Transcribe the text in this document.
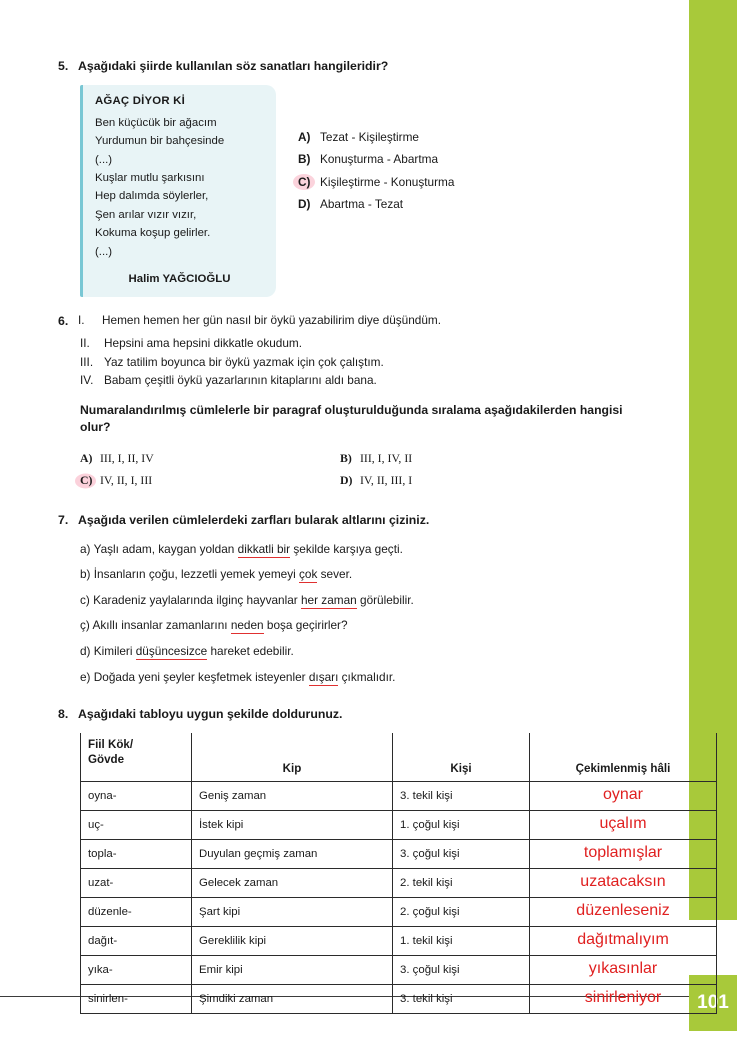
101
5. Aşağıdaki şiirde kullanılan söz sanatları hangileridir?
AĞAÇ DİYOR Kİ
Ben küçücük bir ağacım
Yurdumun bir bahçesinde
(...)
Kuşlar mutlu şarkısını
Hep dalımda söylerler,
Şen arılar vızır vızır,
Kokuma koşup gelirler.
(...)
Halim YAĞCIOĞLU
A) Tezat - Kişileştirme
B) Konuşturma - Abartma
C) Kişileştirme - Konuşturma
D) Abartma - Tezat
6. I. Hemen hemen her gün nasıl bir öykü yazabilirim diye düşündüm.
II.	Hepsini ama hepsini dikkatle okudum.
III. Yaz tatilim boyunca bir öykü yazmak için çok çalıştım.
IV. Babam çeşitli öykü yazarlarının kitaplarını aldı bana.
Numaralandırılmış cümlelerle bir paragraf oluşturulduğunda sıralama aşağıdakilerden hangisi olur?
A) III, I, II, IV	B) III, I, IV, II
C) IV, II, I, III	D) IV, II, III, I
7. Aşağıda verilen cümlelerdeki zarfları bularak altlarını çiziniz.
a) Yaşlı adam, kaygan yoldan dikkatli bir şekilde karşıya geçti.
b) İnsanların çoğu, lezzetli yemek yemeyi çok sever.
c) Karadeniz yaylalarında ilginç hayvanlar her zaman görülebilir.
ç) Akıllı insanlar zamanlarını neden boşa geçirirler?
d) Kimileri düşüncesizce hareket edebilir.
e) Doğada yeni şeyler keşfetmek isteyenler dışarı çıkmalıdır.
8. Aşağıdaki tabloyu uygun şekilde doldurunuz.
Fiil Kök/
Gövde	Kip	Kişi	Çekimlenmiş hâli
oyna-	Geniş zaman	3. tekil kişi	oynar
uç-	İstek kipi	1. çoğul kişi	uçalım
topla-	Duyulan geçmiş zaman	3. çoğul kişi	toplamışlar
uzat-	Gelecek zaman	2. tekil kişi	uzatacaksın
düzenle-	Şart kipi	2. çoğul kişi	düzenleseniz
dağıt-	Gereklilik kipi	1. tekil kişi	dağıtmalıyım
yıka-	Emir kipi	3. çoğul kişi	yıkasınlar
sinirlen-	Şimdiki zaman	3. tekil kişi	sinirleniyor
